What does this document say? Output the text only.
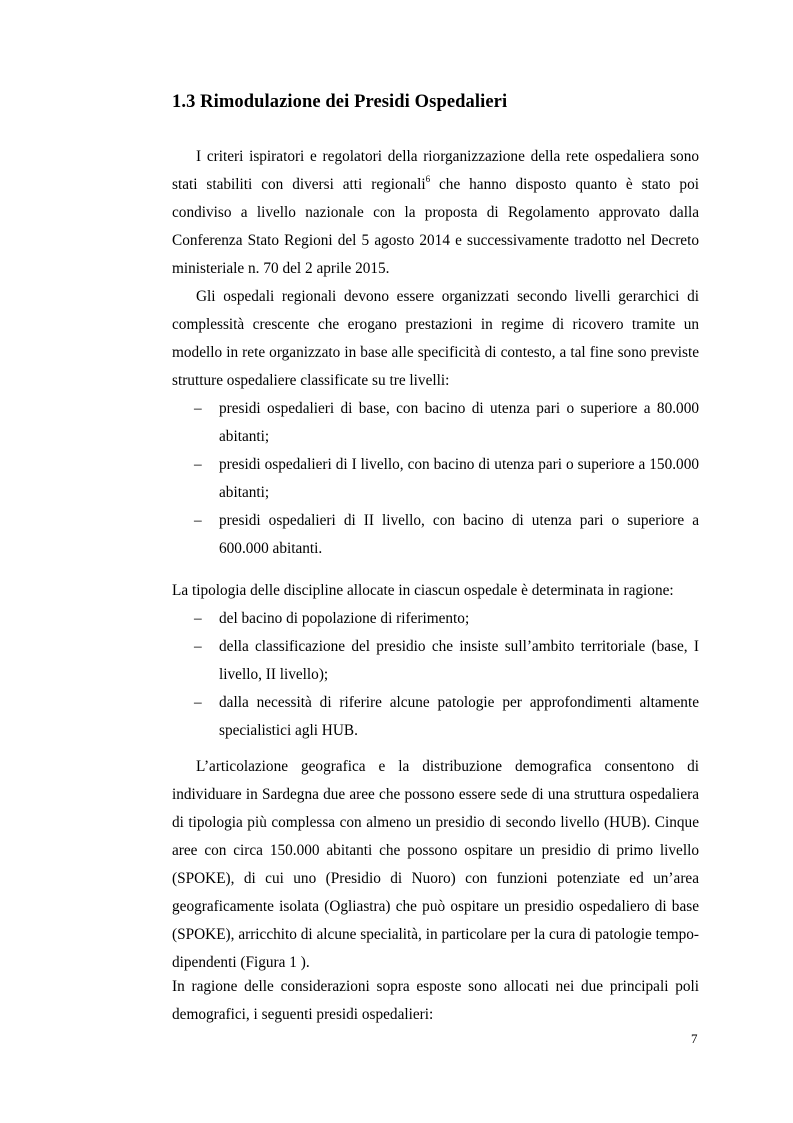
1.3 Rimodulazione dei Presidi Ospedalieri

I criteri ispiratori e regolatori della riorganizzazione della rete ospedaliera sono stati stabiliti con diversi atti regionali$^6$ che hanno disposto quanto è stato poi condiviso a livello nazionale con la proposta di Regolamento approvato dalla Conferenza Stato Regioni del 5 agosto 2014 e successivamente tradotto nel Decreto ministeriale n. 70 del 2 aprile 2015.

Gli ospedali regionali devono essere organizzati secondo livelli gerarchici di complessità crescente che erogano prestazioni in regime di ricovero tramite un modello in rete organizzato in base alle specificità di contesto, a tal fine sono previste strutture ospedaliere classificate su tre livelli:

– presidi ospedalieri di base, con bacino di utenza pari o superiore a 80.000 abitanti;
– presidi ospedalieri di I livello, con bacino di utenza pari o superiore a 150.000 abitanti;
– presidi ospedalieri di II livello, con bacino di utenza pari o superiore a 600.000 abitanti.

La tipologia delle discipline allocate in ciascun ospedale è determinata in ragione:

– del bacino di popolazione di riferimento;
– della classificazione del presidio che insiste sull’ambito territoriale (base, I livello, II livello);
– dalla necessità di riferire alcune patologie per approfondimenti altamente specialistici agli HUB.

L’articolazione geografica e la distribuzione demografica consentono di individuare in Sardegna due aree che possono essere sede di una struttura ospedaliera di tipologia più complessa con almeno un presidio di secondo livello (HUB). Cinque aree con circa 150.000 abitanti che possono ospitare un presidio di primo livello (SPOKE), di cui uno (Presidio di Nuoro) con funzioni potenziate ed un’area geograficamente isolata (Ogliastra) che può ospitare un presidio ospedaliero di base (SPOKE), arricchito di alcune specialità, in particolare per la cura di patologie tempo-dipendenti (Figura 1 ).

In ragione delle considerazioni sopra esposte sono allocati nei due principali poli demografici, i seguenti presidi ospedalieri:

7
